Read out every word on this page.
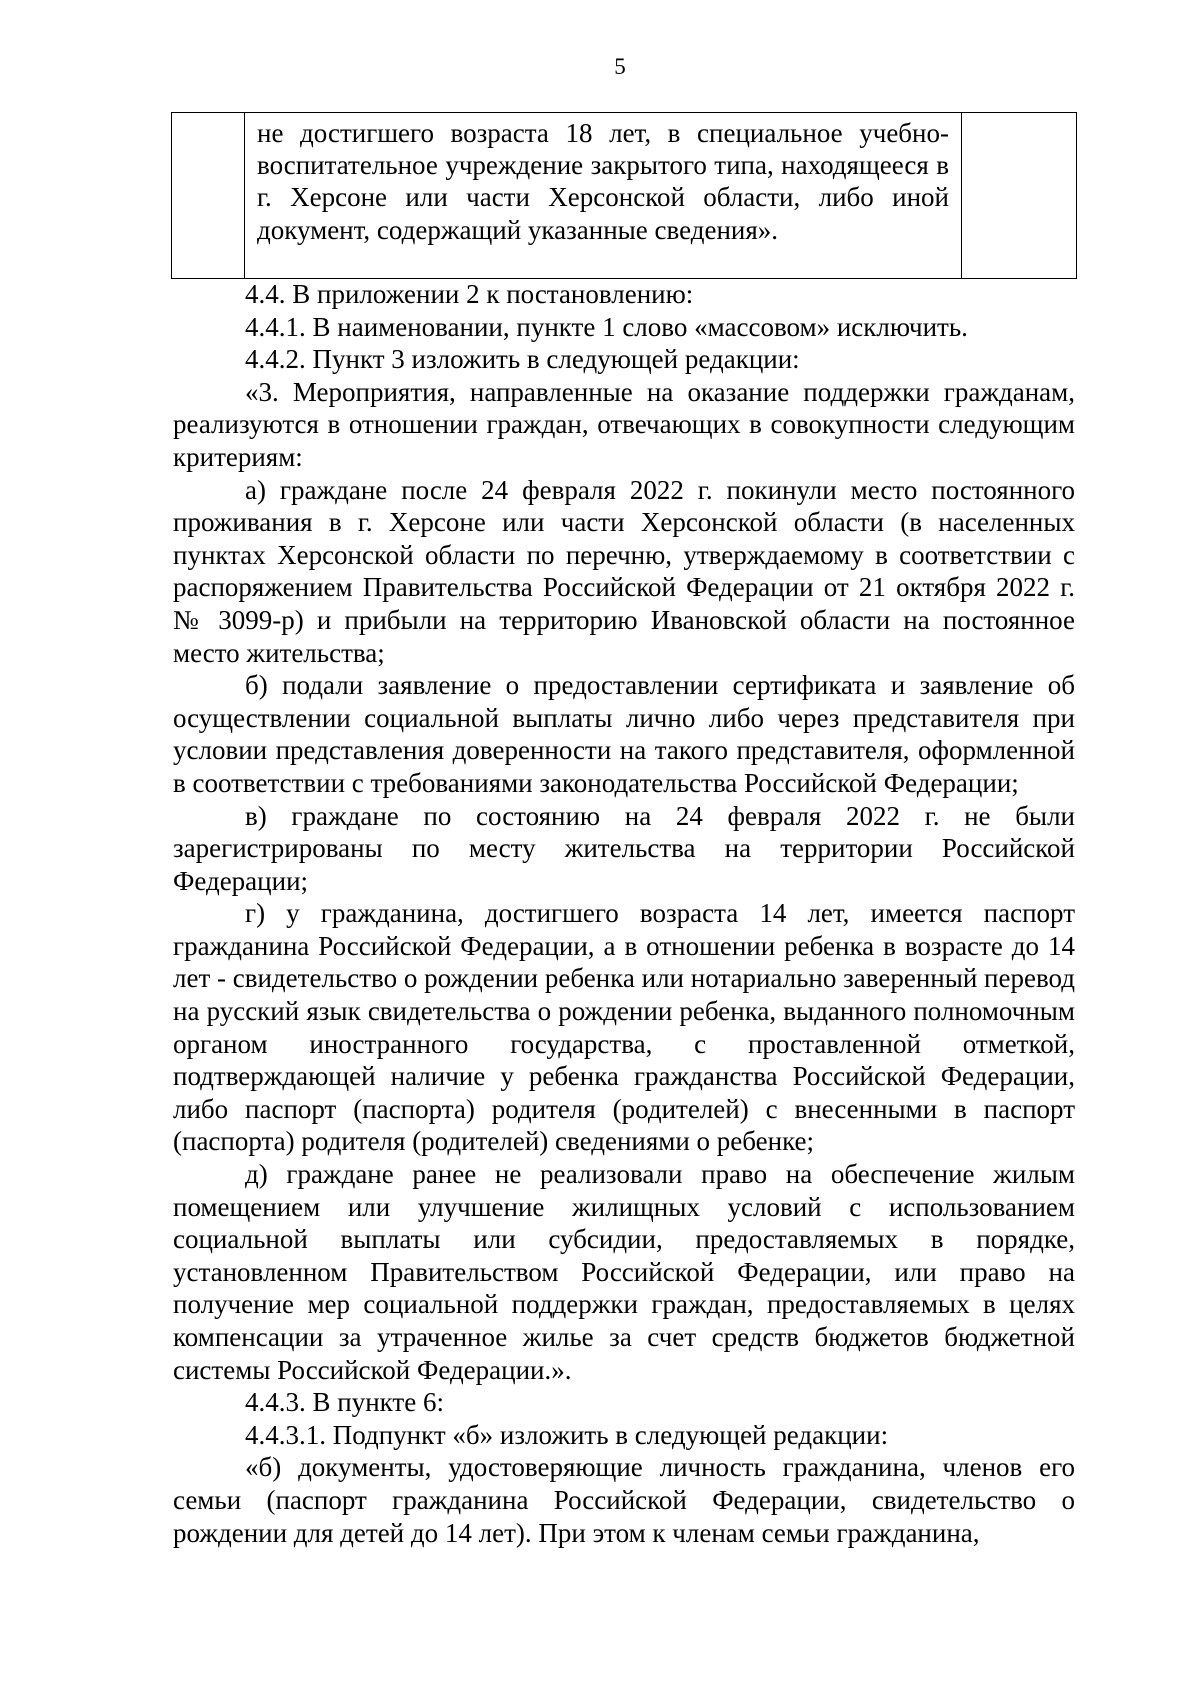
5
	не достигшего возраста 18 лет, в специальное учебно-воспитательное учреждение закрытого типа, находящееся в г. Херсоне или части Херсонской области, либо иной документ, содержащий указанные сведения».	

4.4. В приложении 2 к постановлению:

4.4.1. В наименовании, пункте 1 слово «массовом» исключить.

4.4.2. Пункт 3 изложить в следующей редакции:

«3. Мероприятия, направленные на оказание поддержки гражданам, реализуются в отношении граждан, отвечающих в совокупности следующим критериям:

а) граждане после 24 февраля 2022 г. покинули место постоянного проживания в г. Херсоне или части Херсонской области (в населенных пунктах Херсонской области по перечню, утверждаемому в соответствии с распоряжением Правительства Российской Федерации от 21 октября 2022 г. № 3099-р) и прибыли на территорию Ивановской области на постоянное место жительства;

б) подали заявление о предоставлении сертификата и заявление об осуществлении социальной выплаты лично либо через представителя при условии представления доверенности на такого представителя, оформленной в соответствии с требованиями законодательства Российской Федерации;

в) граждане по состоянию на 24 февраля 2022 г. не были зарегистрированы по месту жительства на территории Российской Федерации;

г) у гражданина, достигшего возраста 14 лет, имеется паспорт гражданина Российской Федерации, а в отношении ребенка в возрасте до 14 лет - свидетельство о рождении ребенка или нотариально заверенный перевод на русский язык свидетельства о рождении ребенка, выданного полномочным органом иностранного государства, с проставленной отметкой, подтверждающей наличие у ребенка гражданства Российской Федерации, либо паспорт (паспорта) родителя (родителей) с внесенными в паспорт (паспорта) родителя (родителей) сведениями о ребенке;

д) граждане ранее не реализовали право на обеспечение жилым помещением или улучшение жилищных условий с использованием социальной выплаты или субсидии, предоставляемых в порядке, установленном Правительством Российской Федерации, или право на получение мер социальной поддержки граждан, предоставляемых в целях компенсации за утраченное жилье за счет средств бюджетов бюджетной системы Российской Федерации.».

4.4.3. В пункте 6:

4.4.3.1. Подпункт «б» изложить в следующей редакции:

«б) документы, удостоверяющие личность гражданина, членов его семьи (паспорт гражданина Российской Федерации, свидетельство о рождении для детей до 14 лет). При этом к членам семьи гражданина,
